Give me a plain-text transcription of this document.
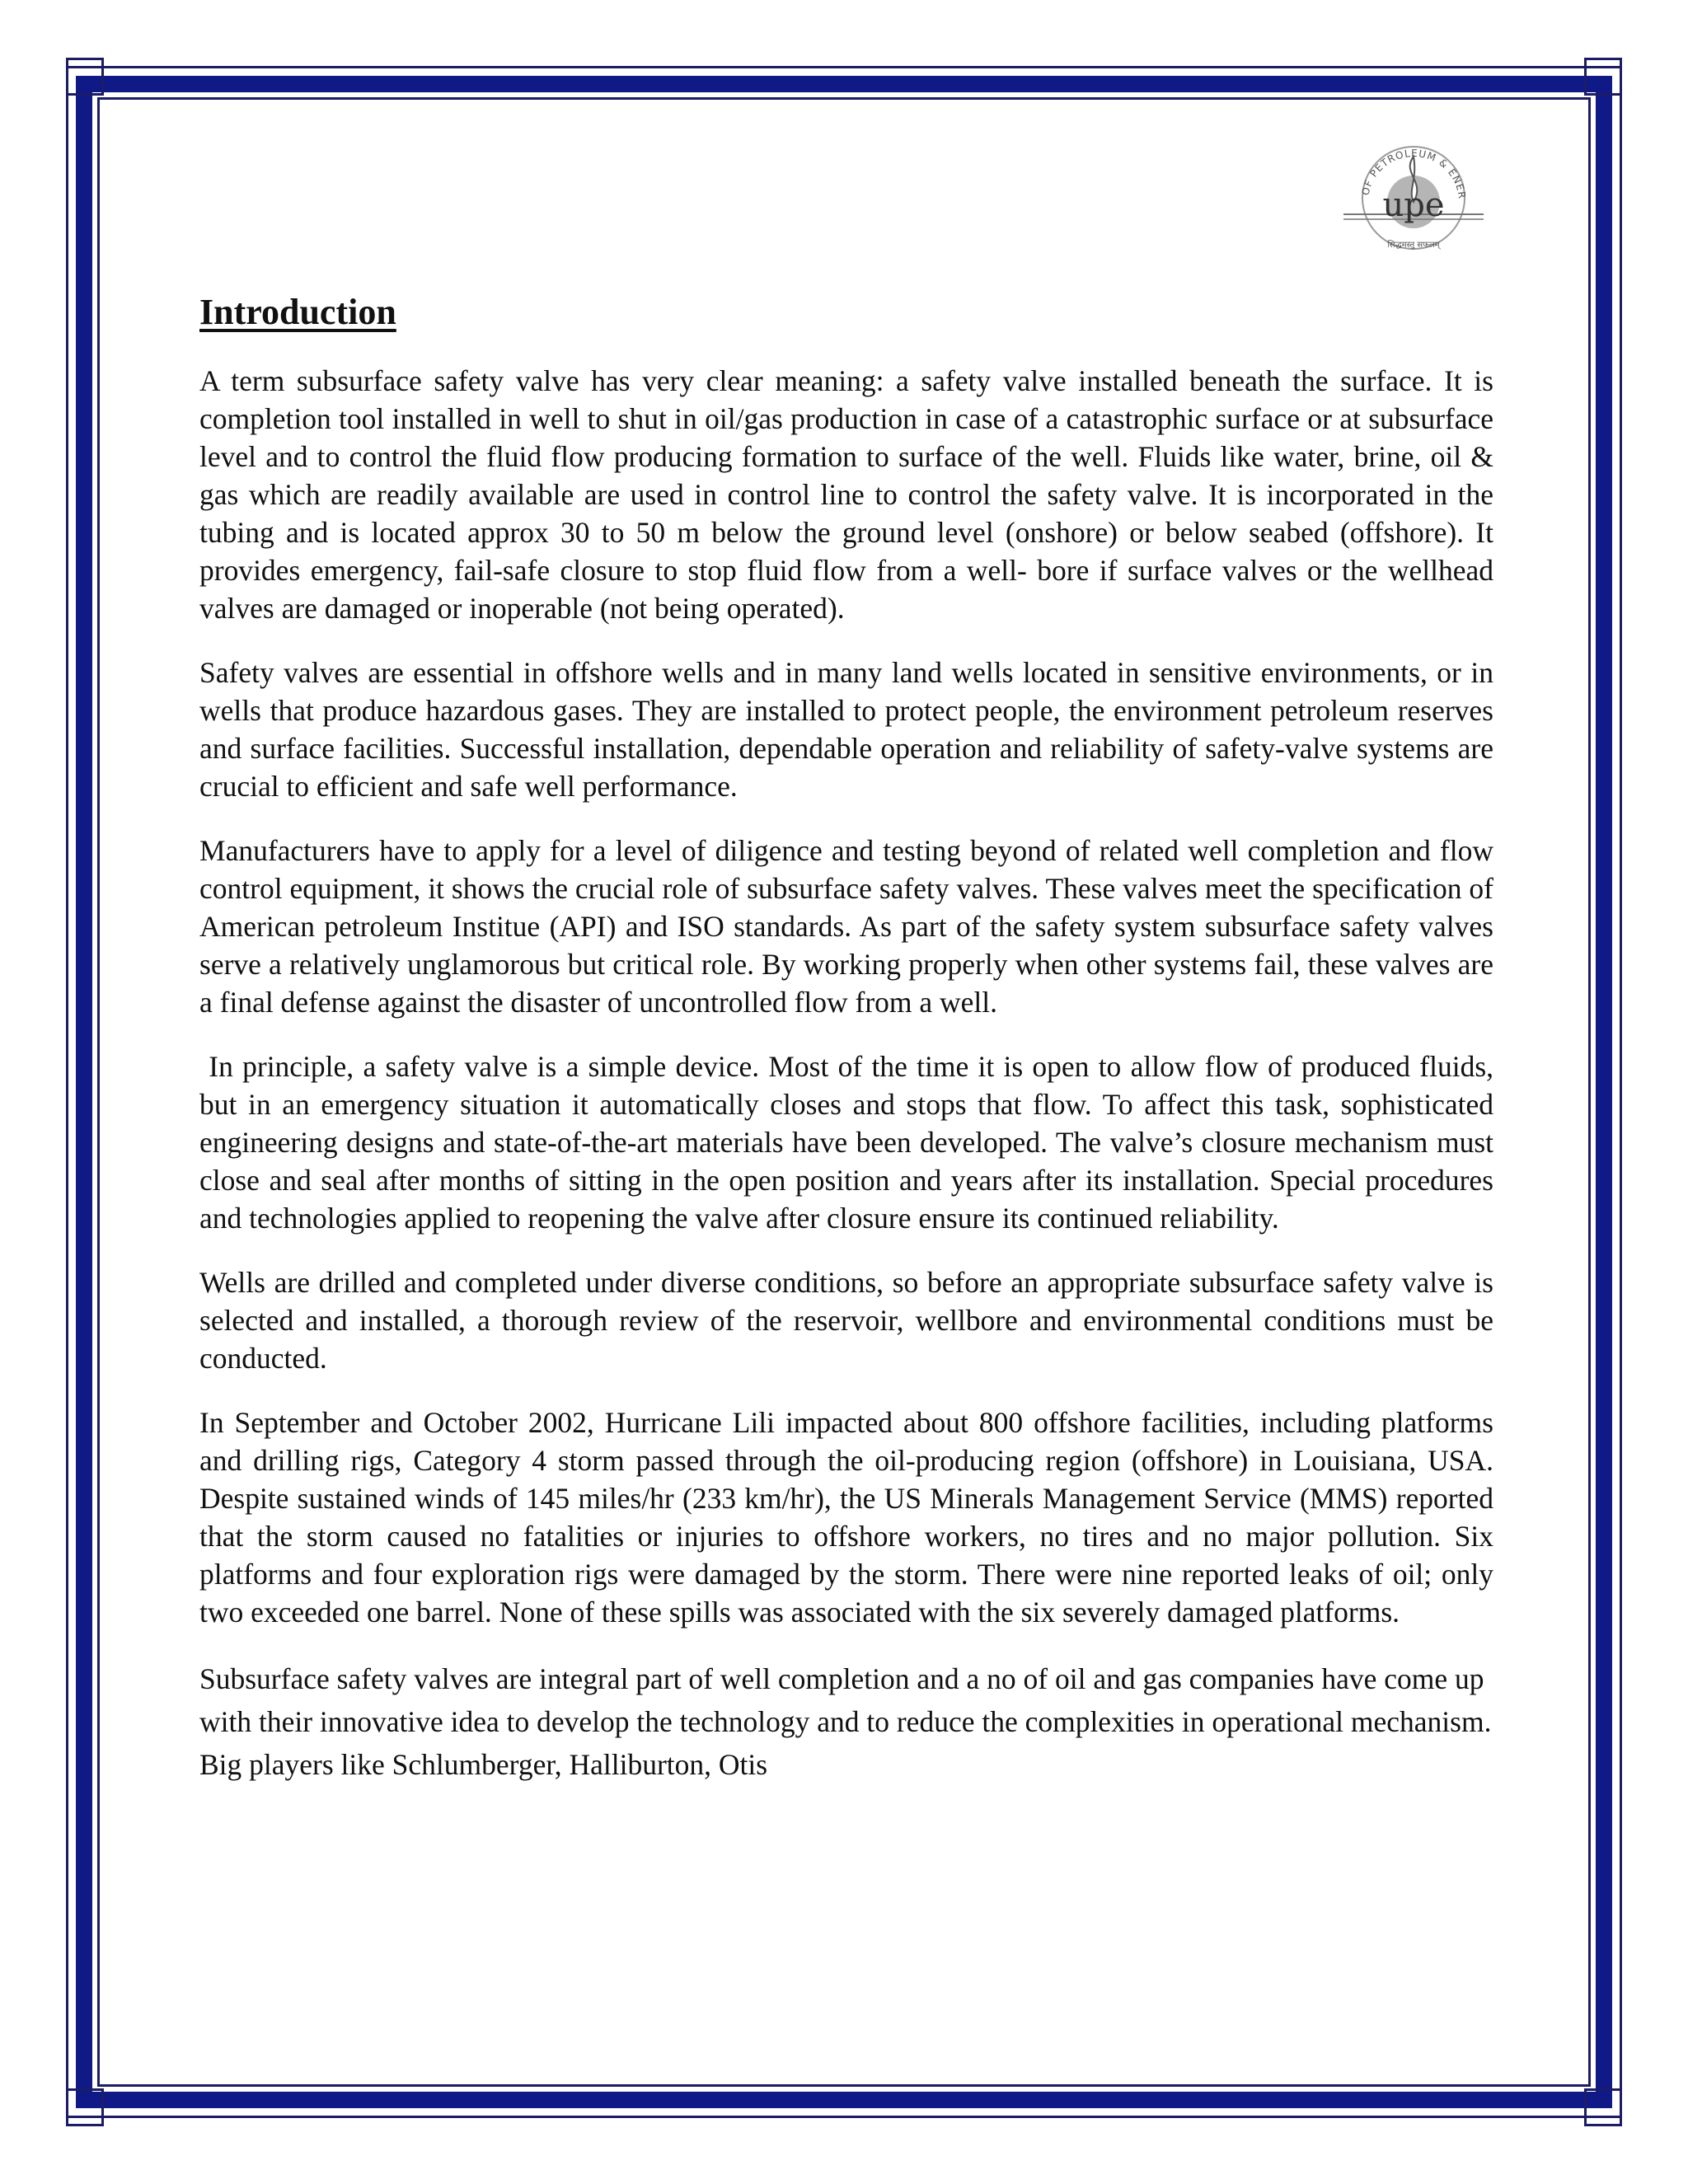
upe
OF PETROLEUM & ENER
सिद्धमस्तु सफलम्
Introduction

A term subsurface safety valve has very clear meaning: a safety valve installed beneath the surface. It is completion tool installed in well to shut in oil/gas production in case of a catastrophic surface or at subsurface level and to control the fluid flow producing formation to surface of the well. Fluids like water, brine, oil & gas which are readily available are used in control line to control the safety valve. It is incorporated in the tubing and is located approx 30 to 50 m below the ground level (onshore) or below seabed (offshore). It provides emergency, fail-safe closure to stop fluid flow from a well- bore if surface valves or the wellhead valves are damaged or inoperable (not being operated).

Safety valves are essential in offshore wells and in many land wells located in sensitive environments, or in wells that produce hazardous gases. They are installed to protect people, the environment petroleum reserves and surface facilities. Successful installation, dependable operation and reliability of safety-valve systems are crucial to efficient and safe well performance.

Manufacturers have to apply for a level of diligence and testing beyond of related well completion and flow control equipment, it shows the crucial role of subsurface safety valves. These valves meet the specification of American petroleum Institue (API) and ISO standards. As part of the safety system subsurface safety valves serve a relatively unglamorous but critical role. By working properly when other systems fail, these valves are a final defense against the disaster of uncontrolled flow from a well.

In principle, a safety valve is a simple device. Most of the time it is open to allow flow of produced fluids, but in an emergency situation it automatically closes and stops that flow. To affect this task, sophisticated engineering designs and state-of-the-art materials have been developed. The valve’s closure mechanism must close and seal after months of sitting in the open position and years after its installation. Special procedures and technologies applied to reopening the valve after closure ensure its continued reliability.

Wells are drilled and completed under diverse conditions, so before an appropriate subsurface safety valve is selected and installed, a thorough review of the reservoir, wellbore and environmental conditions must be conducted.

In September and October 2002, Hurricane Lili impacted about 800 offshore facilities, including platforms and drilling rigs, Category 4 storm passed through the oil-producing region (offshore) in Louisiana, USA. Despite sustained winds of 145 miles/hr (233 km/hr), the US Minerals Management Service (MMS) reported that the storm caused no fatalities or injuries to offshore workers, no tires and no major pollution. Six platforms and four exploration rigs were damaged by the storm. There were nine reported leaks of oil; only two exceeded one barrel. None of these spills was associated with the six severely damaged platforms.

Subsurface safety valves are integral part of well completion and a no of oil and gas companies have come up with their innovative idea to develop the technology and to reduce the complexities in operational mechanism. Big players like Schlumberger, Halliburton, Otis
